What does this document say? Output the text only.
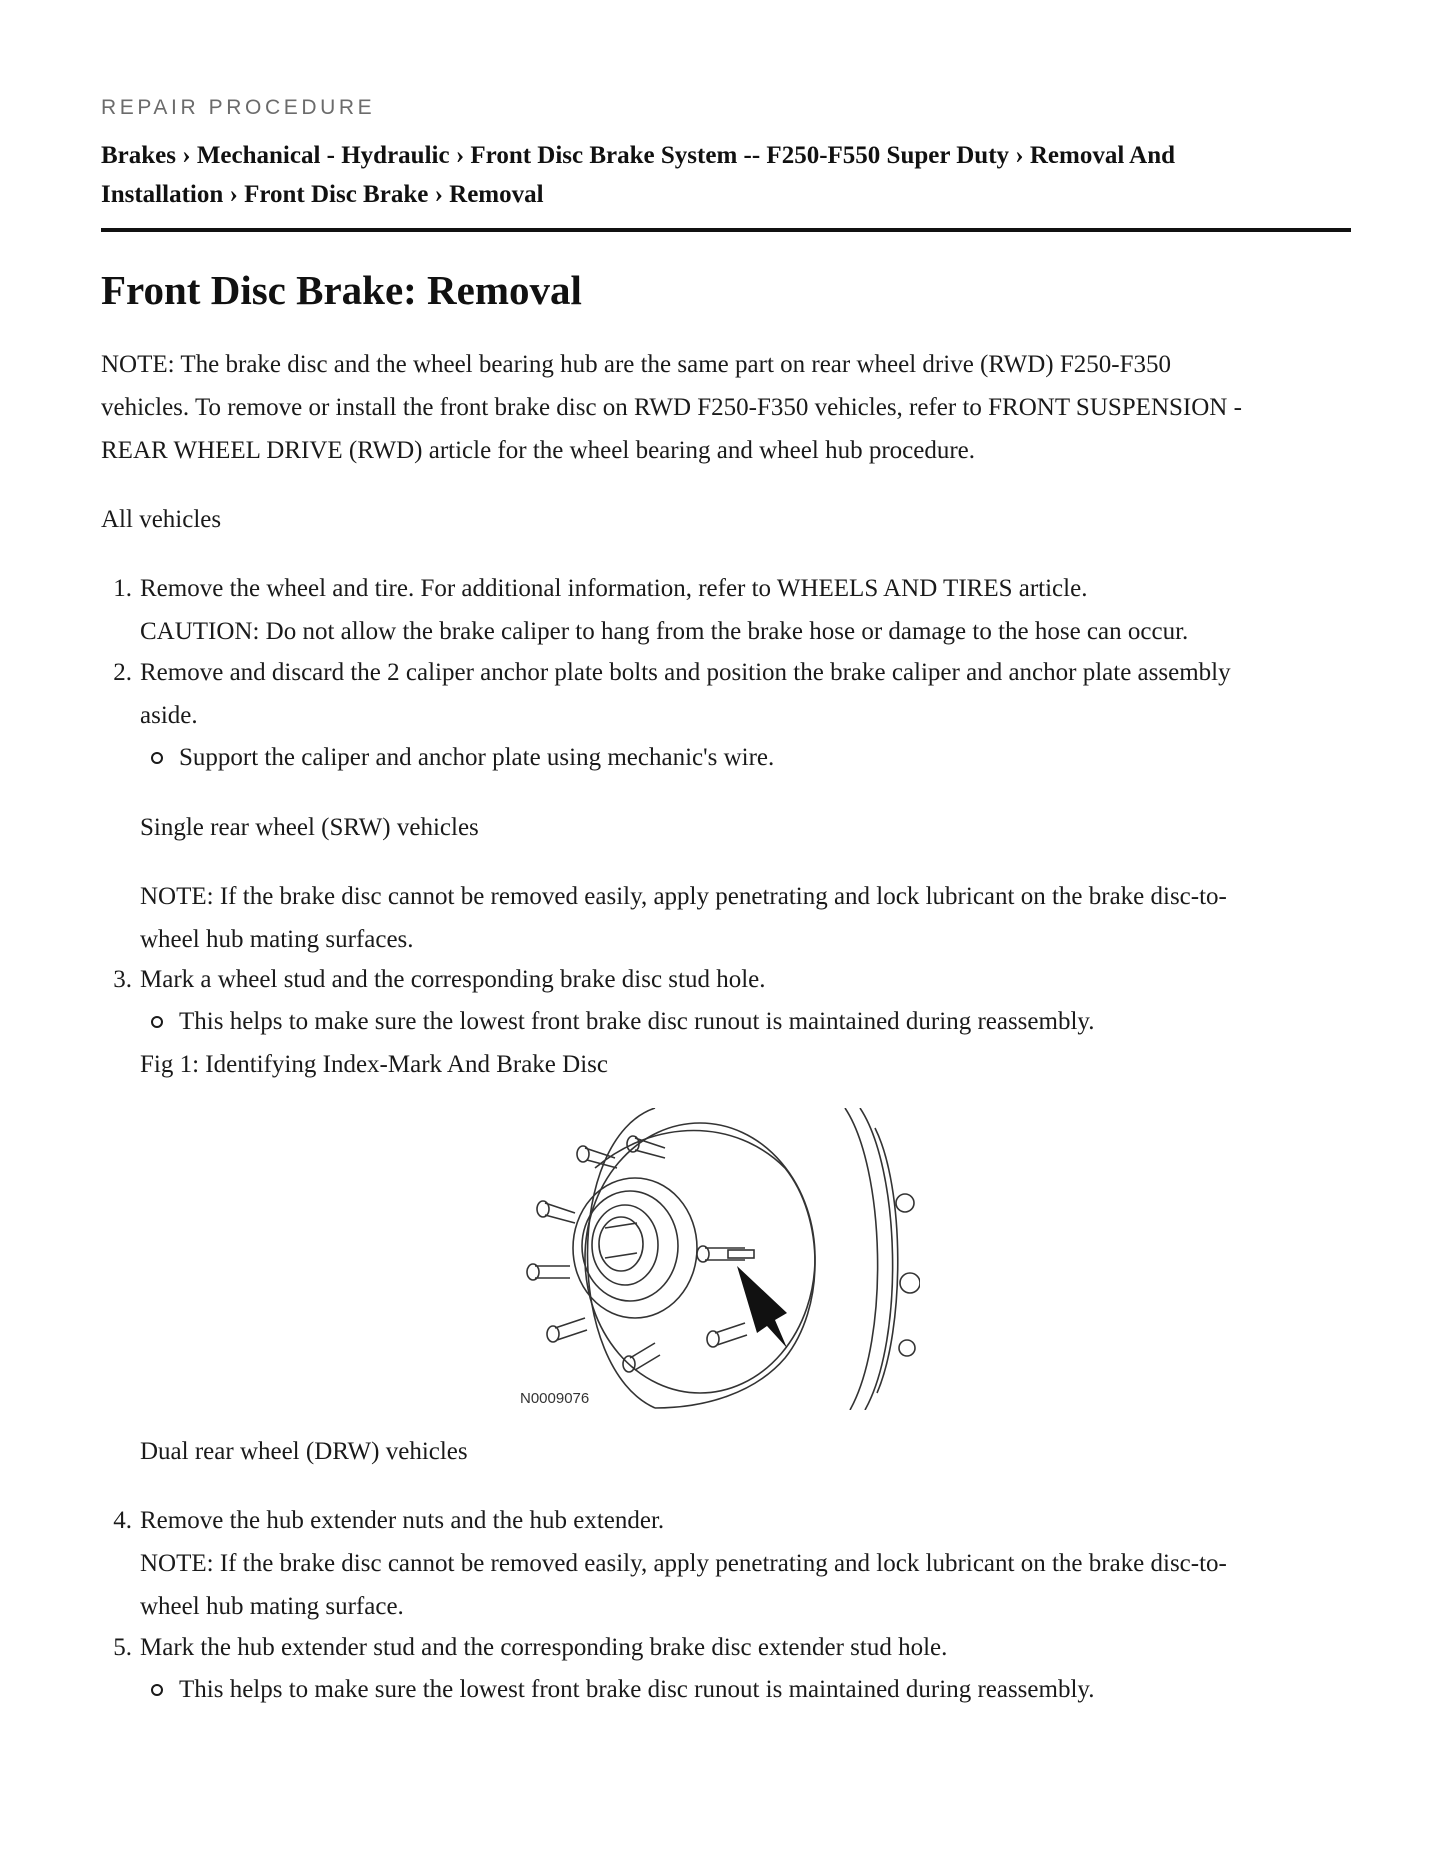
REPAIR PROCEDURE
Brakes › Mechanical - Hydraulic › Front Disc Brake System -- F250-F550 Super Duty › Removal And
Installation › Front Disc Brake › Removal
Front Disc Brake: Removal
NOTE: The brake disc and the wheel bearing hub are the same part on rear wheel drive (RWD) F250-F350
vehicles. To remove or install the front brake disc on RWD F250-F350 vehicles, refer to FRONT SUSPENSION -
REAR WHEEL DRIVE (RWD) article for the wheel bearing and wheel hub procedure.
All vehicles
1. Remove the wheel and tire. For additional information, refer to WHEELS AND TIRES article.
CAUTION: Do not allow the brake caliper to hang from the brake hose or damage to the hose can occur.
2. Remove and discard the 2 caliper anchor plate bolts and position the brake caliper and anchor plate assembly
aside.
Support the caliper and anchor plate using mechanic's wire.
Single rear wheel (SRW) vehicles
NOTE: If the brake disc cannot be removed easily, apply penetrating and lock lubricant on the brake disc-to-
wheel hub mating surfaces.
3. Mark a wheel stud and the corresponding brake disc stud hole.
This helps to make sure the lowest front brake disc runout is maintained during reassembly.
Fig 1: Identifying Index-Mark And Brake Disc
N0009076
Dual rear wheel (DRW) vehicles
4. Remove the hub extender nuts and the hub extender.
NOTE: If the brake disc cannot be removed easily, apply penetrating and lock lubricant on the brake disc-to-
wheel hub mating surface.
5. Mark the hub extender stud and the corresponding brake disc extender stud hole.
This helps to make sure the lowest front brake disc runout is maintained during reassembly.
